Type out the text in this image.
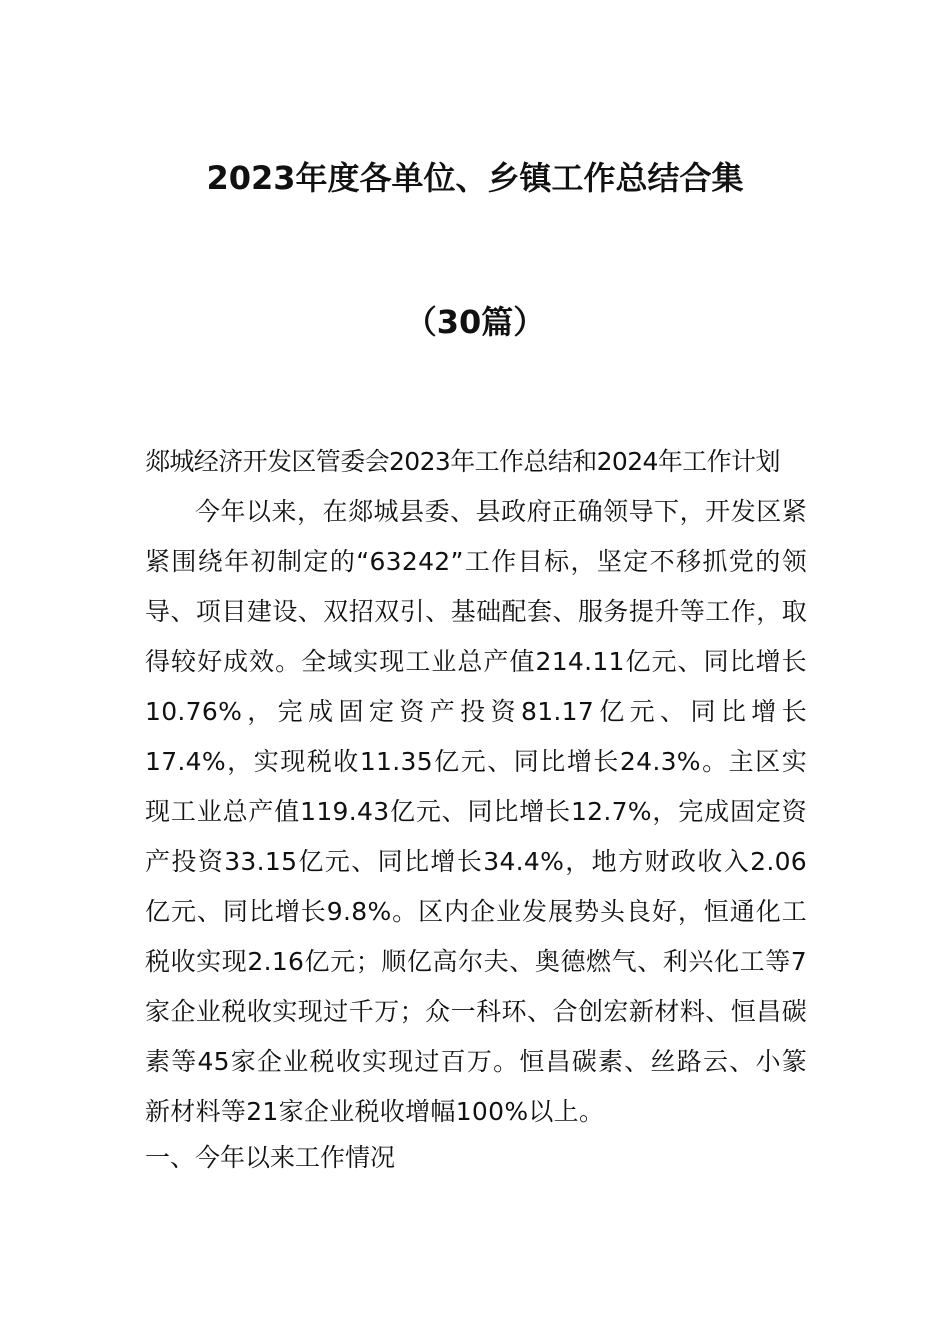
2023年度各单位、乡镇工作总结合集
（30篇）
郯城经济开发区管委会2023年工作总结和2024年工作计划
今年以来，在郯城县委、县政府正确领导下，开发区紧紧围绕年初制定的“63242”工作目标，坚定不移抓党的领导、项目建设、双招双引、基础配套、服务提升等工作，取得较好成效。全域实现工业总产值214.11亿元、同比增长10.76%，完成固定资产投资81.17亿元、同比增长17.4%，实现税收11.35亿元、同比增长24.3%。主区实现工业总产值119.43亿元、同比增长12.7%，完成固定资产投资33.15亿元、同比增长34.4%，地方财政收入2.06亿元、同比增长9.8%。区内企业发展势头良好，恒通化工税收实现2.16亿元；顺亿高尔夫、奥德燃气、利兴化工等7家企业税收实现过千万；众一科环、合创宏新材料、恒昌碳素等45家企业税收实现过百万。恒昌碳素、丝路云、小篆新材料等21家企业税收增幅100%以上。
一、今年以来工作情况
